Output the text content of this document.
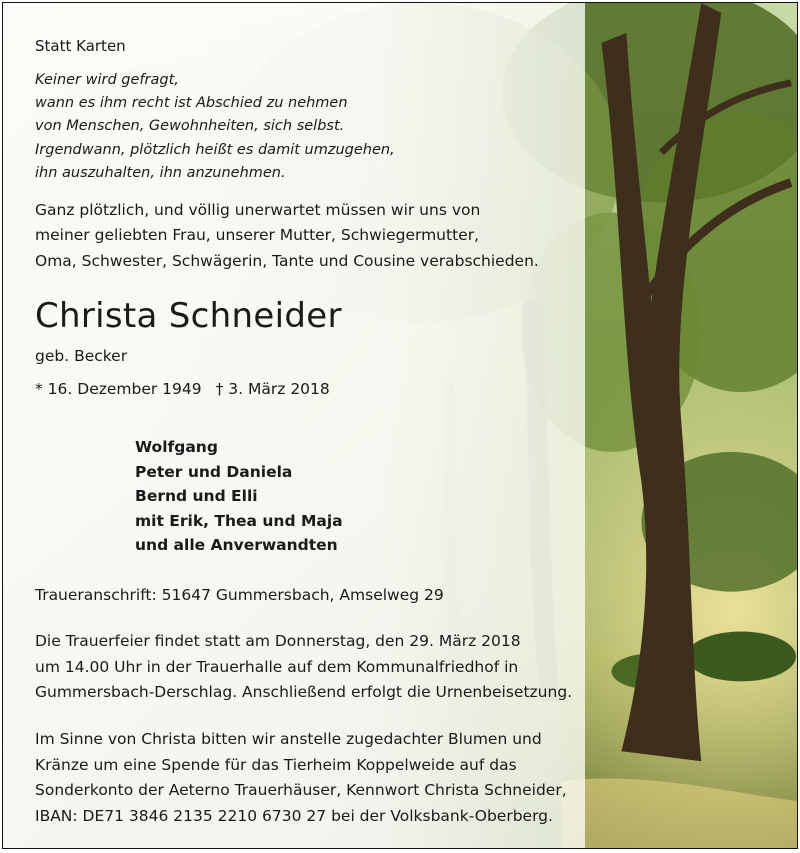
Statt Karten
Keiner wird gefragt,
wann es ihm recht ist Abschied zu nehmen
von Menschen, Gewohnheiten, sich selbst.
Irgendwann, plötzlich heißt es damit umzugehen,
ihn auszuhalten, ihn anzunehmen.
Ganz plötzlich, und völlig unerwartet müssen wir uns von
meiner geliebten Frau, unserer Mutter, Schwiegermutter,
Oma, Schwester, Schwägerin, Tante und Cousine verabschieden.
Christa Schneider
geb. Becker
* 16. Dezember 1949 † 3. März 2018
Wolfgang
Peter und Daniela
Bernd und Elli
mit Erik, Thea und Maja
und alle Anverwandten
Traueranschrift: 51647 Gummersbach, Amselweg 29
Die Trauerfeier findet statt am Donnerstag, den 29. März 2018
um 14.00 Uhr in der Trauerhalle auf dem Kommunalfriedhof in
Gummersbach-Derschlag. Anschließend erfolgt die Urnenbeisetzung.
Im Sinne von Christa bitten wir anstelle zugedachter Blumen und
Kränze um eine Spende für das Tierheim Koppelweide auf das
Sonderkonto der Aeterno Trauerhäuser, Kennwort Christa Schneider,
IBAN: DE71 3846 2135 2210 6730 27 bei der Volksbank-Oberberg.
